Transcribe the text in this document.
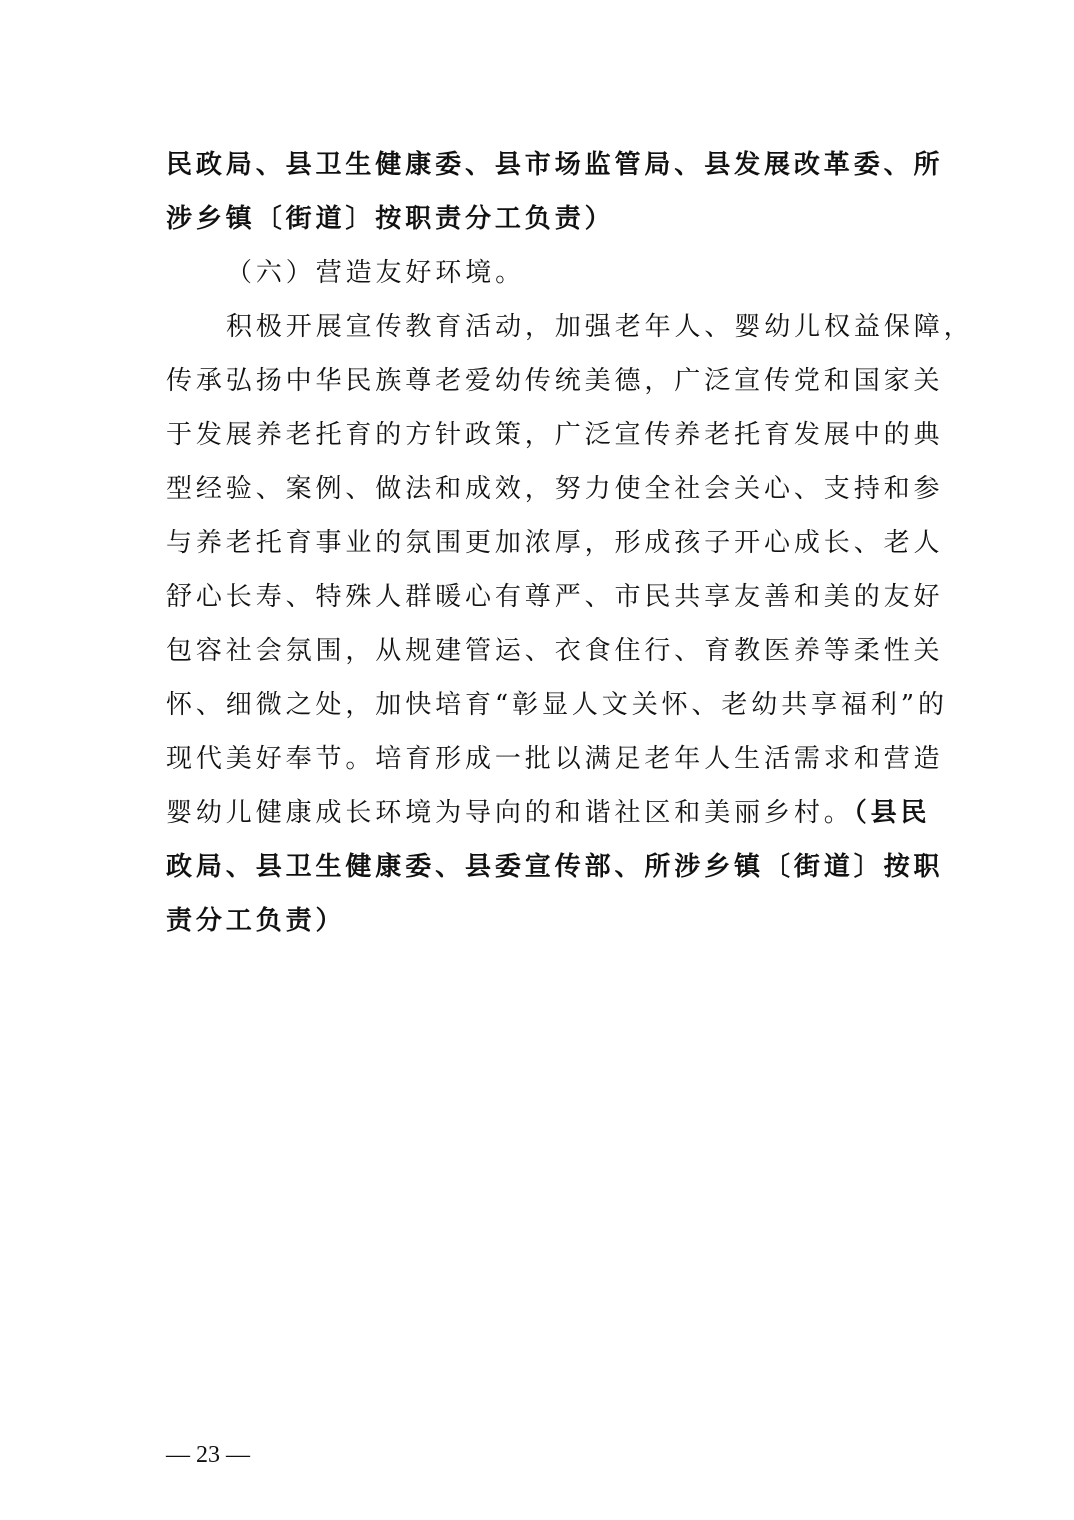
民政局、县卫生健康委、县市场监管局、县发展改革委、所
涉乡镇〔街道〕按职责分工负责）
（六）营造友好环境。
积极开展宣传教育活动，加强老年人、婴幼儿权益保障，
传承弘扬中华民族尊老爱幼传统美德，广泛宣传党和国家关
于发展养老托育的方针政策，广泛宣传养老托育发展中的典
型经验、案例、做法和成效，努力使全社会关心、支持和参
与养老托育事业的氛围更加浓厚，形成孩子开心成长、老人
舒心长寿、特殊人群暖心有尊严、市民共享友善和美的友好
包容社会氛围，从规建管运、衣食住行、育教医养等柔性关
怀、细微之处，加快培育“彰显人文关怀、老幼共享福利”的
现代美好奉节。培育形成一批以满足老年人生活需求和营造
婴幼儿健康成长环境为导向的和谐社区和美丽乡村。（县民
政局、县卫生健康委、县委宣传部、所涉乡镇〔街道〕按职
责分工负责）
— 23 —
